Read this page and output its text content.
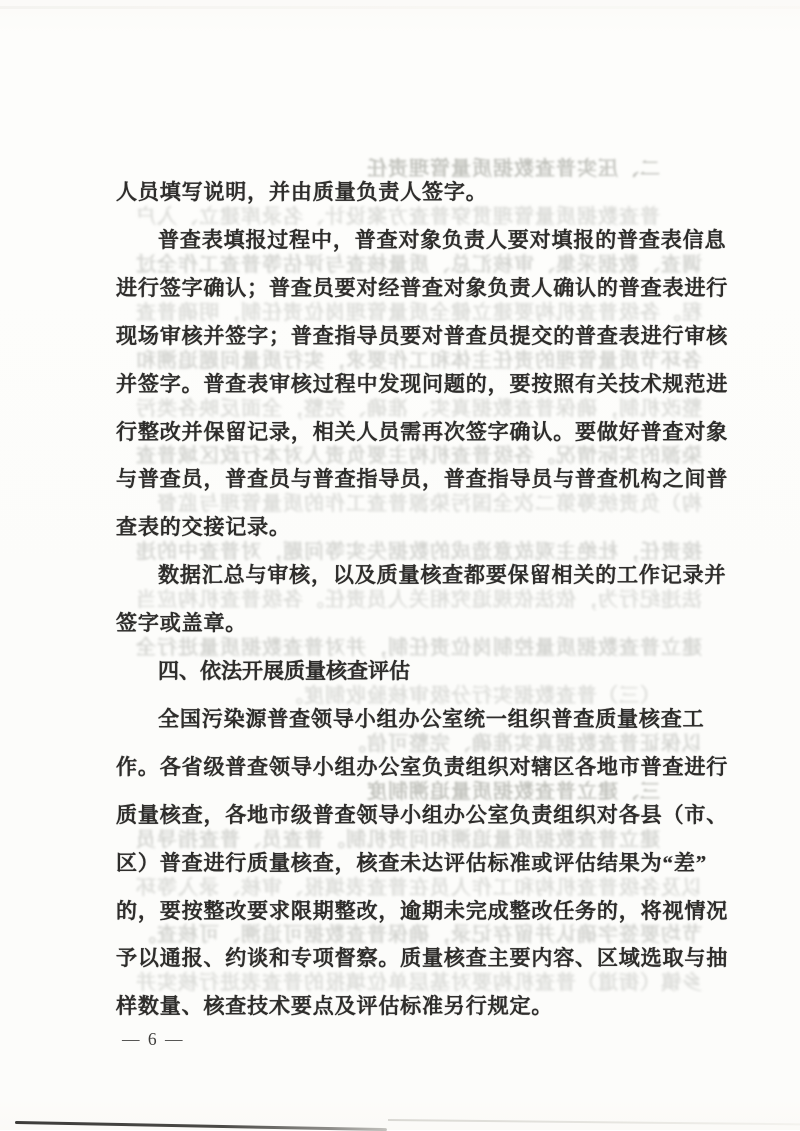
二、压实普查数据质量管理责任
普查数据质量管理贯穿普查方案设计、名录库建立、入户
调查、数据采集、审核汇总、质量核查与评估等普查工作全过
程。各级普查机构要建立健全质量管理岗位责任制，明确普查
各环节质量管理的责任主体和工作要求，实行质量问题追溯和
整改机制，确保普查数据真实、准确、完整，全面反映各类污
染源的实际情况。各级普查机构主要负责人对本行政区域普查
构）负责统筹第二次全国污染源普查工作的质量管理与监督
接责任，杜绝主观故意造成的数据失实等问题，对普查中的违
法违纪行为，依法依规追究相关人员责任。各级普查机构应当
建立普查数据质量控制岗位责任制，并对普查数据质量进行全
（三）普查数据实行分级审核验收制度。
以保证普查数据真实准确、完整可信。
三、建立普查数据质量追溯制度
建立普查数据质量追溯和问责机制。普查员、普查指导员
以及各级普查机构和工作人员在普查表填报、审核、录入等环
节均要签字确认并留存记录，确保普查数据可追溯、可核查。
乡镇（街道）普查机构要对基层单位填报的普查表进行核实并
人员填写说明，并由质量负责人签字。
普查表填报过程中，普查对象负责人要对填报的普查表信息
进行签字确认；普查员要对经普查对象负责人确认的普查表进行
现场审核并签字；普查指导员要对普查员提交的普查表进行审核
并签字。普查表审核过程中发现问题的，要按照有关技术规范进
行整改并保留记录，相关人员需再次签字确认。要做好普查对象
与普查员，普查员与普查指导员，普查指导员与普查机构之间普
查表的交接记录。
数据汇总与审核，以及质量核查都要保留相关的工作记录并
签字或盖章。
四、依法开展质量核查评估
全国污染源普查领导小组办公室统一组织普查质量核查工
作。各省级普查领导小组办公室负责组织对辖区各地市普查进行
质量核查，各地市级普查领导小组办公室负责组织对各县（市、
区）普查进行质量核查，核查未达评估标准或评估结果为“差”
的，要按整改要求限期整改，逾期未完成整改任务的，将视情况
予以通报、约谈和专项督察。质量核查主要内容、区域选取与抽
样数量、核查技术要点及评估标准另行规定。
— 6 —
